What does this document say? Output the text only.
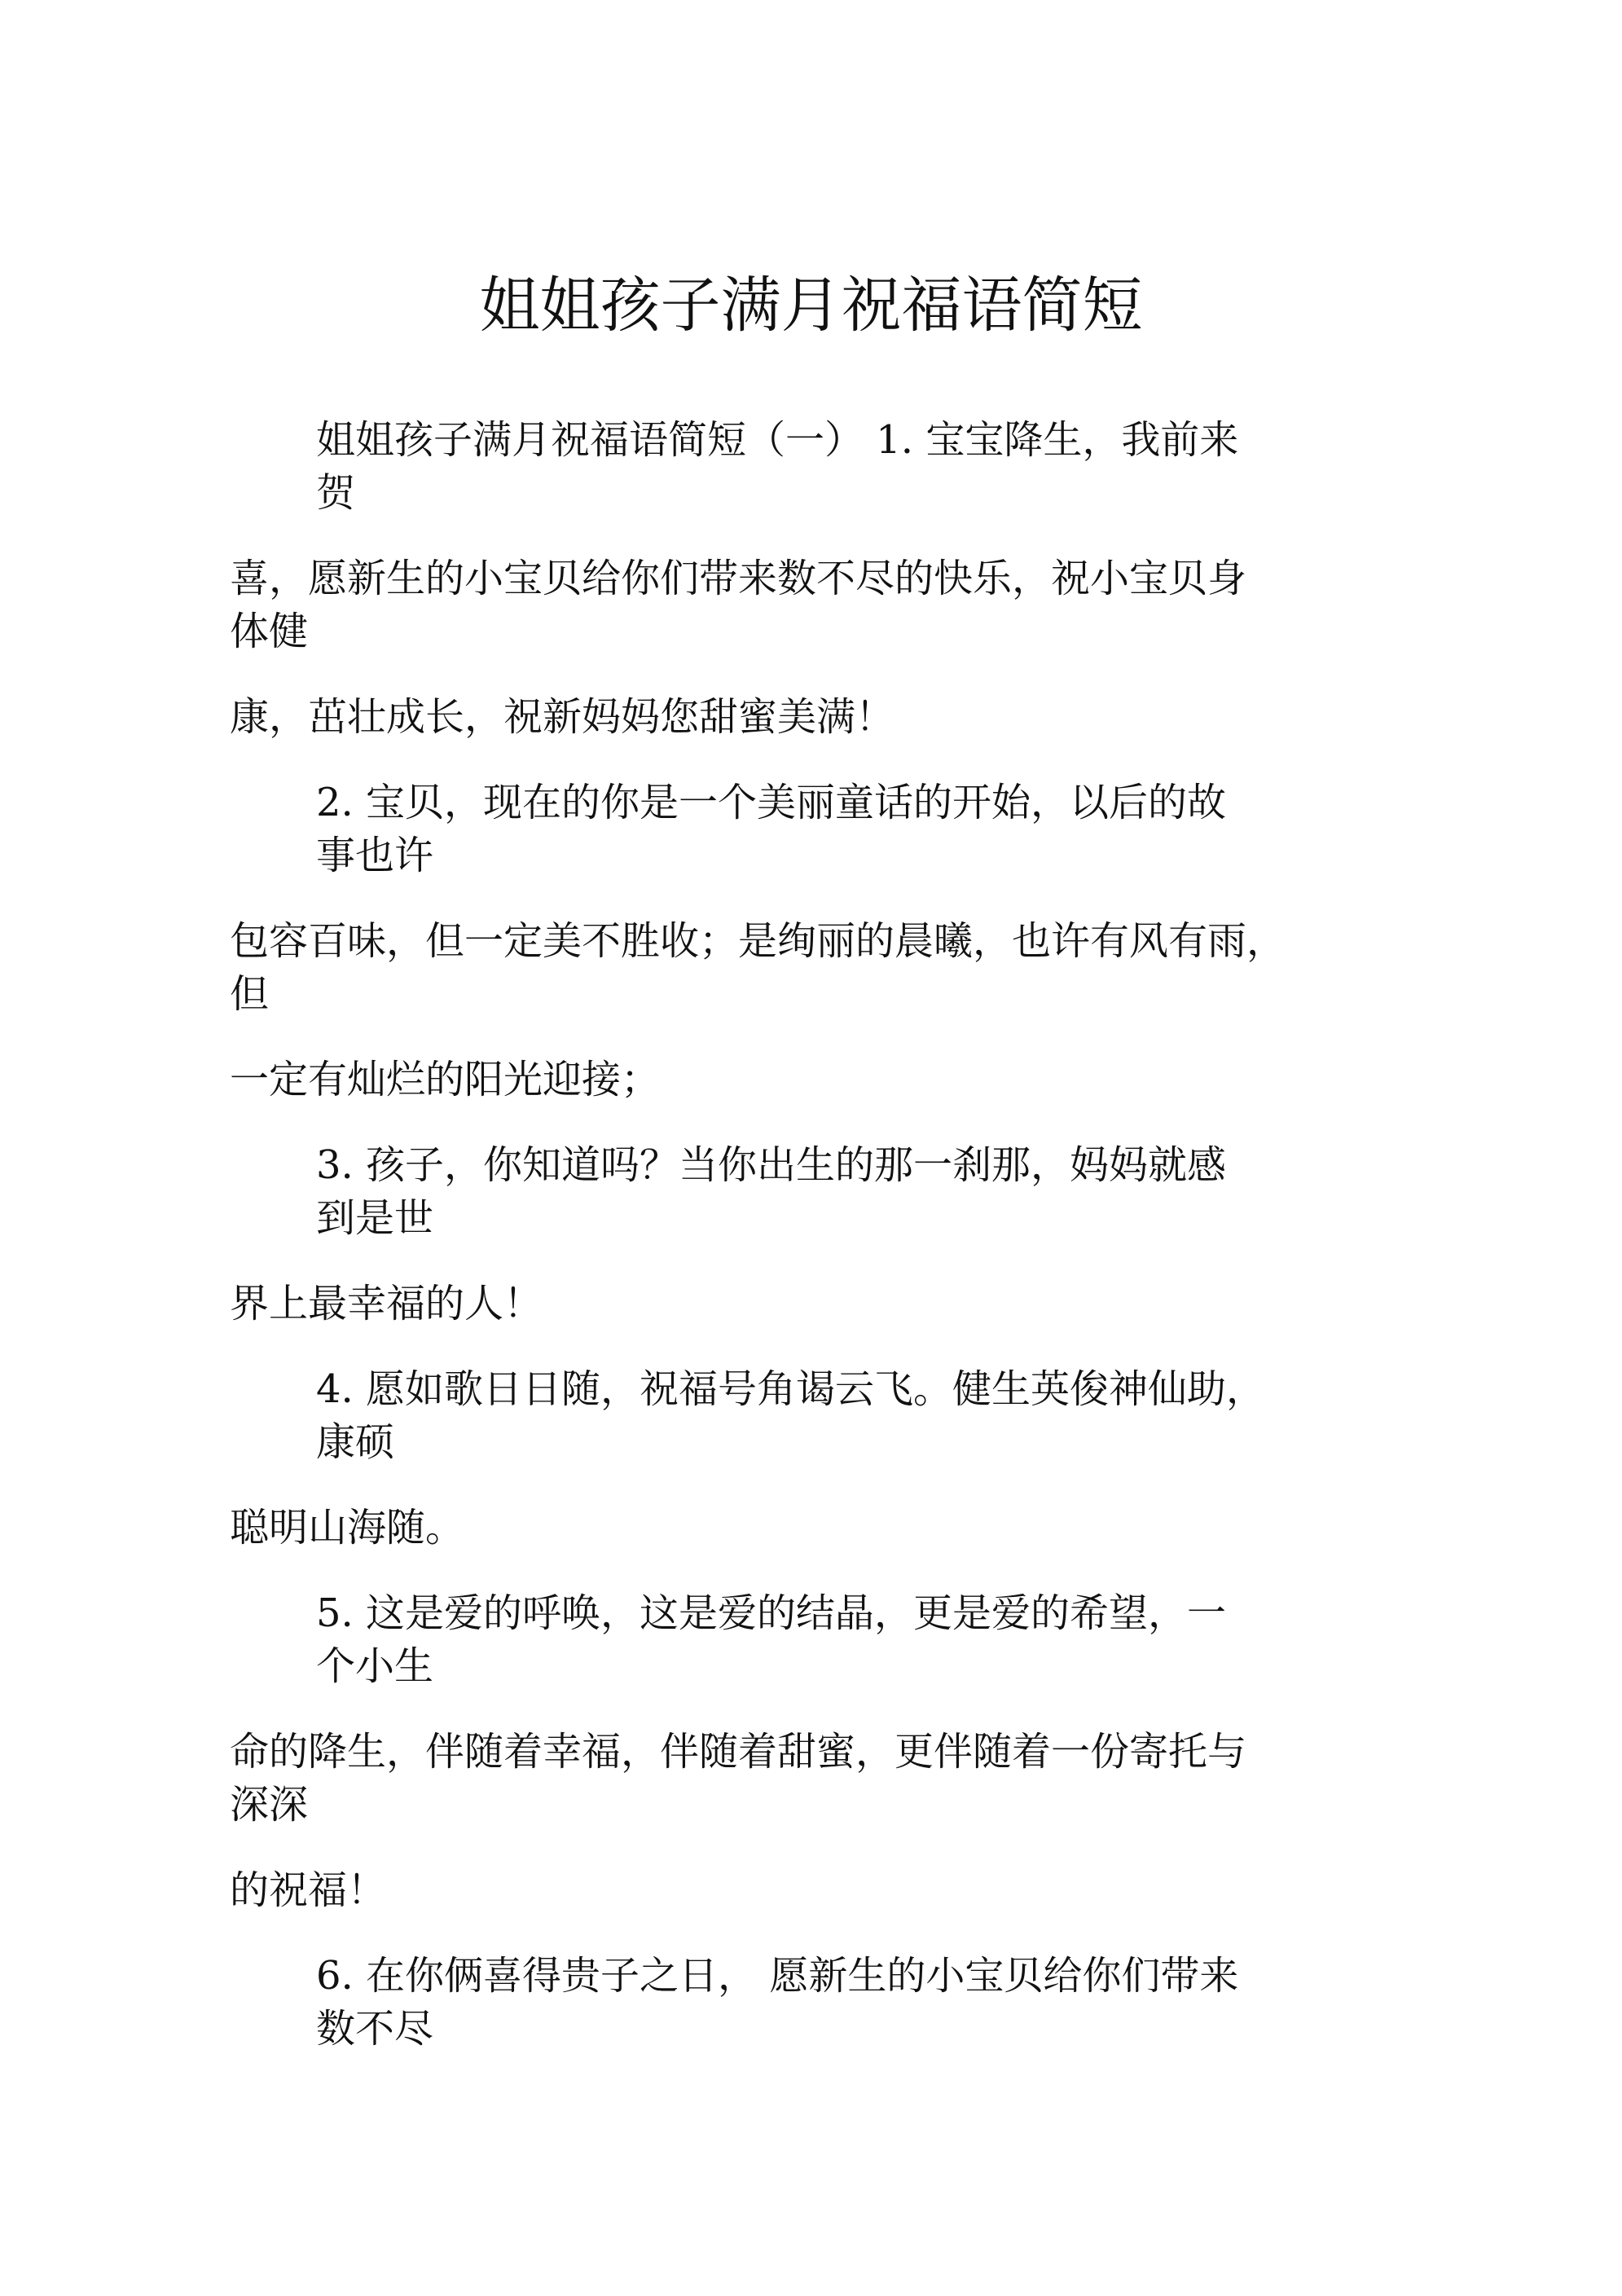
姐姐孩子满月祝福语简短

姐姐孩子满月祝福语简短（一） 1. 宝宝降生，我前来

贺

喜，愿新生的小宝贝给你们带来数不尽的快乐，祝小宝贝身

体健

康，茁壮成长，祝新妈妈您甜蜜美满！

2. 宝贝，现在的你是一个美丽童话的开始，以后的故

事也许

包容百味，但一定美不胜收；是绚丽的晨曦，也许有风有雨，

但

一定有灿烂的阳光迎接；

3. 孩子，你知道吗？当你出生的那一刹那，妈妈就感

到是世

界上最幸福的人！

4. 愿如歌日日随，祝福号角谒云飞。健生英俊神仙助，

康硕

聪明山海随。

5. 这是爱的呼唤，这是爱的结晶，更是爱的希望，一

个小生

命的降生，伴随着幸福，伴随着甜蜜，更伴随着一份寄托与

深深

的祝福！

6. 在你俩喜得贵子之日， 愿新生的小宝贝给你们带来

数不尽
